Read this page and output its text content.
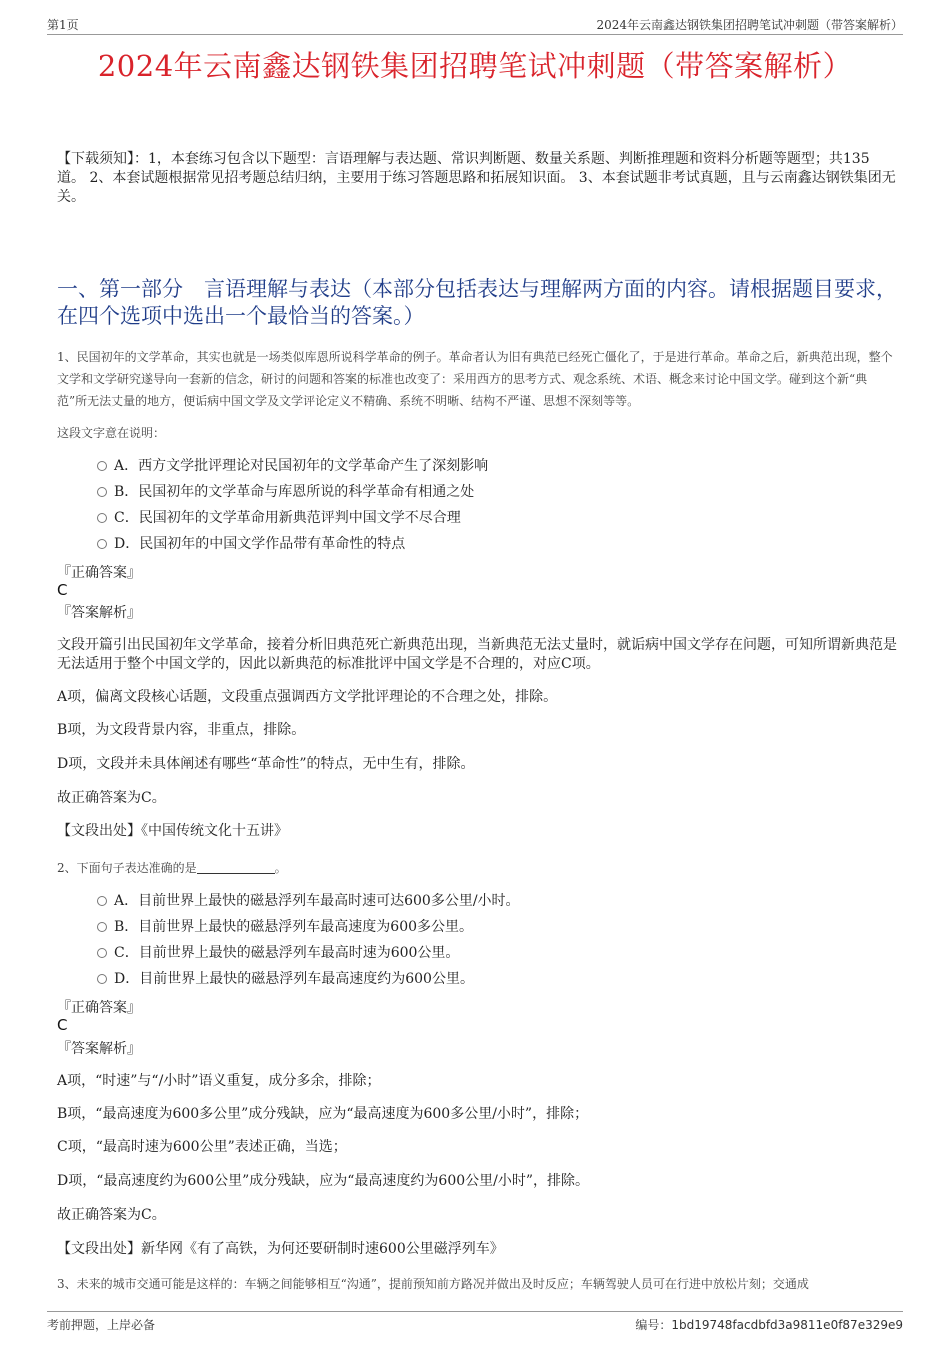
第1页	2024年云南鑫达钢铁集团招聘笔试冲刺题（带答案解析）
2024年云南鑫达钢铁集团招聘笔试冲刺题（带答案解析）
【下载须知】：1，本套练习包含以下题型：言语理解与表达题、常识判断题、数量关系题、判断推理题和资料分析题等题型；共135道。 2、本套试题根据常见招考题总结归纳，主要用于练习答题思路和拓展知识面。 3、本套试题非考试真题，且与云南鑫达钢铁集团无关。
一、第一部分　言语理解与表达（本部分包括表达与理解两方面的内容。请根据题目要求，在四个选项中选出一个最恰当的答案。）
1、民国初年的文学革命，其实也就是一场类似库恩所说科学革命的例子。革命者认为旧有典范已经死亡僵化了，于是进行革命。革命之后，新典范出现，整个文学和文学研究遂导向一套新的信念，研讨的问题和答案的标准也改变了：采用西方的思考方式、观念系统、术语、概念来讨论中国文学。碰到这个新“典范”所无法丈量的地方，便诟病中国文学及文学评论定义不精确、系统不明晰、结构不严谨、思想不深刻等等。
这段文字意在说明：
A．西方文学批评理论对民国初年的文学革命产生了深刻影响
B．民国初年的文学革命与库恩所说的科学革命有相通之处
C．民国初年的文学革命用新典范评判中国文学不尽合理
D．民国初年的中国文学作品带有革命性的特点
『正确答案』
C
『答案解析』
文段开篇引出民国初年文学革命，接着分析旧典范死亡新典范出现，当新典范无法丈量时，就诟病中国文学存在问题，可知所谓新典范是无法适用于整个中国文学的，因此以新典范的标准批评中国文学是不合理的，对应C项。
A项，偏离文段核心话题，文段重点强调西方文学批评理论的不合理之处，排除。
B项，为文段背景内容，非重点，排除。
D项，文段并未具体阐述有哪些“革命性”的特点，无中生有，排除。
故正确答案为C。
【文段出处】《中国传统文化十五讲》
2、下面句子表达准确的是	。
A．目前世界上最快的磁悬浮列车最高时速可达600多公里/小时。
B．目前世界上最快的磁悬浮列车最高速度为600多公里。
C．目前世界上最快的磁悬浮列车最高时速为600公里。
D．目前世界上最快的磁悬浮列车最高速度约为600公里。
『正确答案』
C
『答案解析』
A项，“时速”与“/小时”语义重复，成分多余，排除；
B项，“最高速度为600多公里”成分残缺，应为“最高速度为600多公里/小时”，排除；
C项，“最高时速为600公里”表述正确，当选；
D项，“最高速度约为600公里”成分残缺，应为“最高速度约为600公里/小时”，排除。
故正确答案为C。
【文段出处】新华网《有了高铁，为何还要研制时速600公里磁浮列车》
3、未来的城市交通可能是这样的：车辆之间能够相互“沟通”，提前预知前方路况并做出及时反应；车辆驾驶人员可在行进中放松片刻；交通成
考前押题，上岸必备	编号：1bd19748facdbfd3a9811e0f87e329e9
